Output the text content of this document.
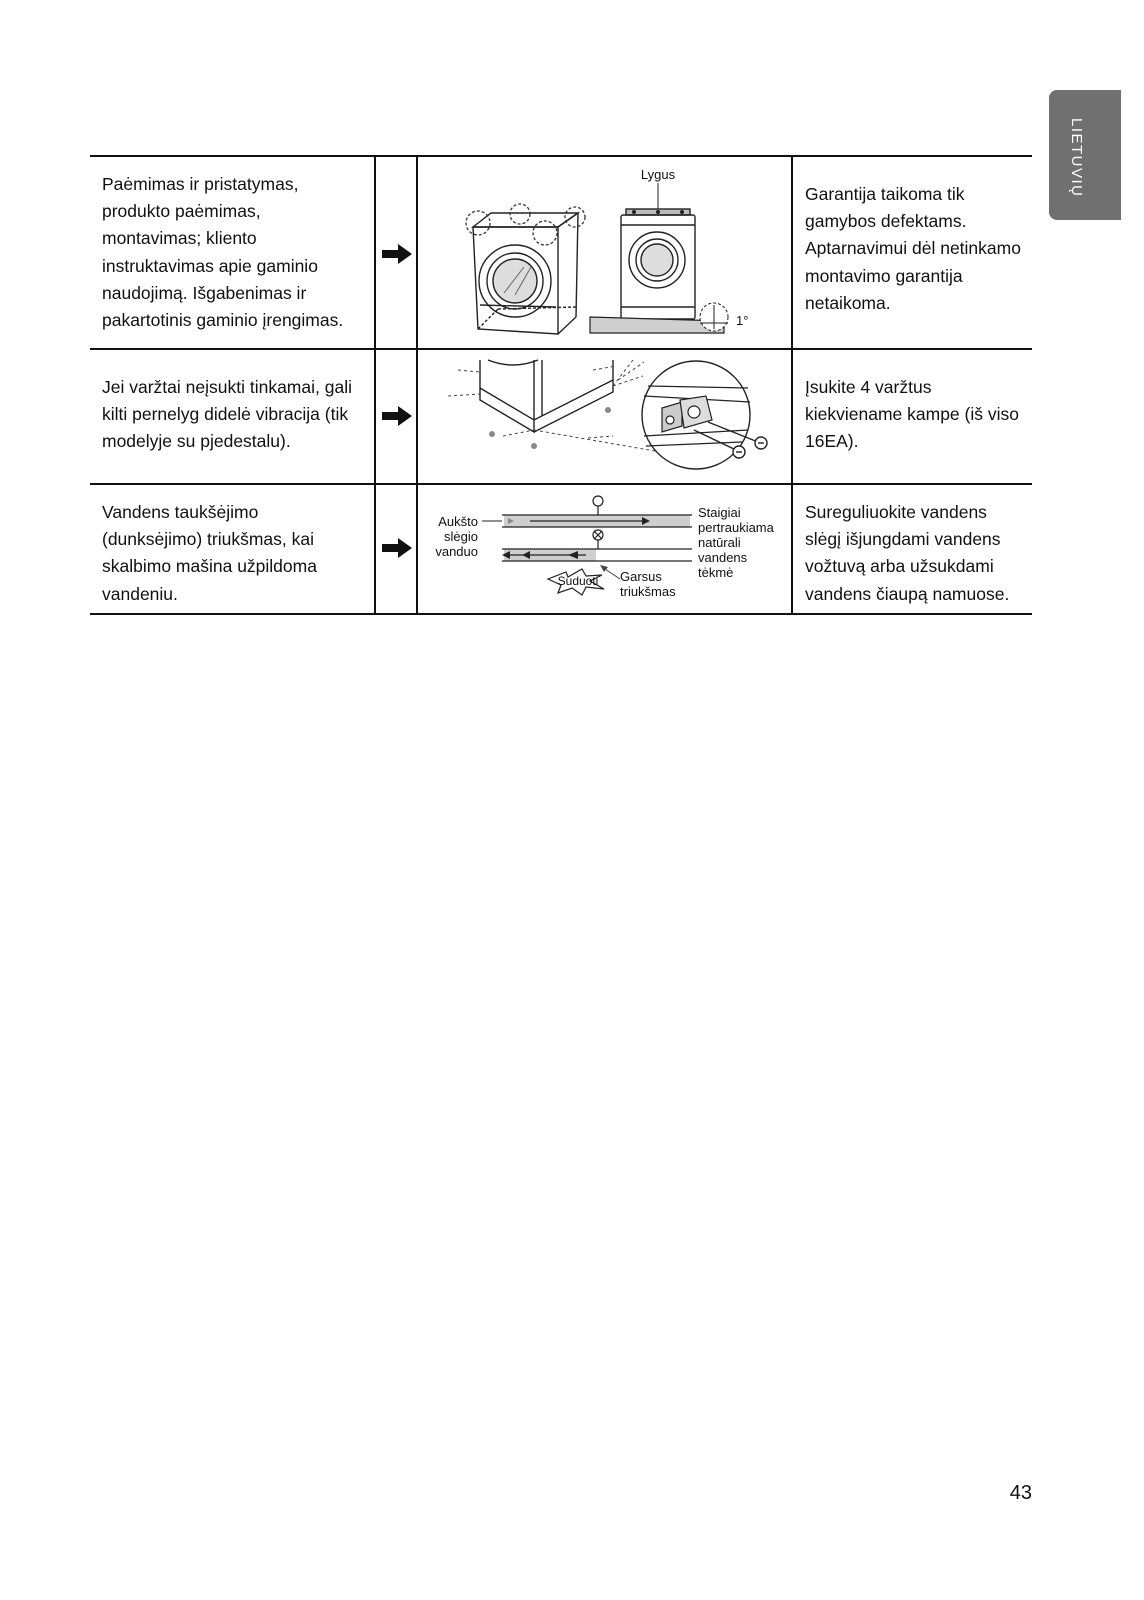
LIETUVIŲ

Paėmimas ir pristatymas, produkto paėmimas, montavimas; kliento instruktavimas apie gaminio naudojimą. Išgabenimas ir pakartotinis gaminio įrengimas.

Lygus
1°

Garantija taikoma tik gamybos defektams. Aptarnavimui dėl netinkamo montavimo garantija netaikoma.

Jei varžtai neįsukti tinkamai, gali kilti pernelyg didelė vibracija (tik modelyje su pjedestalu).

Įsukite 4 varžtus kiekviename kampe (iš viso 16EA).

Vandens taukšėjimo (dunksėjimo) triukšmas, kai skalbimo mašina užpildoma vandeniu.

Aukšto
slėgio
vanduo
Staigiai
pertraukiama
natūrali
vandens
tėkmė
Garsus
triukšmas
Suduoti

Sureguliuokite vandens slėgį išjungdami vandens vožtuvą arba užsukdami vandens čiaupą namuose.

43
